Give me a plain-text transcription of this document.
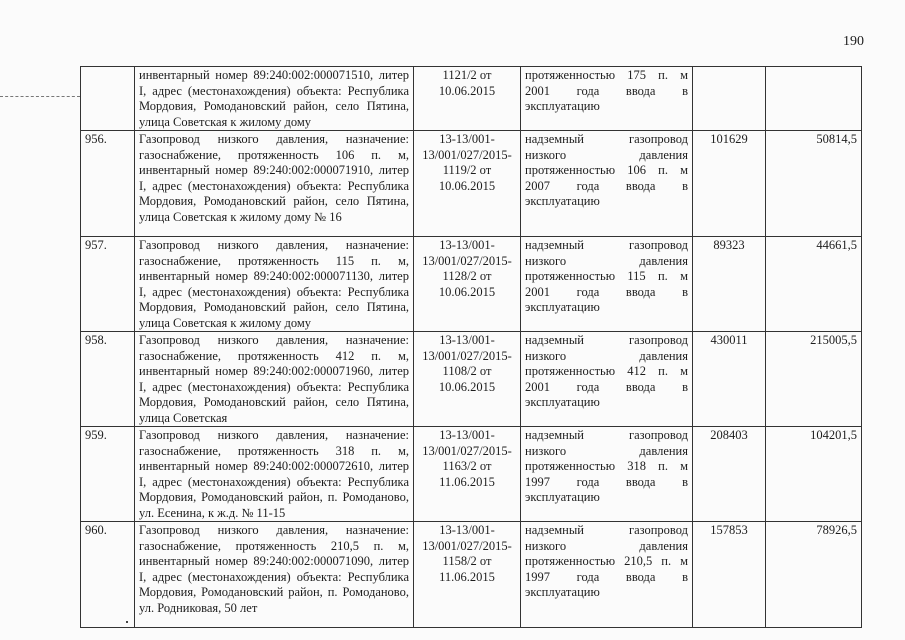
190
	инвентарный номер 89:240:002:000071510, литер I, адрес (местонахождения) объекта: Республика Мордовия, Ромодановский район, село Пятина, улица Советская к жилому дому	1121/2 от 10.06.2015	протяженностью 175 п. м 2001 года ввода в эксплуатацию		
956.	Газопровод низкого давления, назначение: газоснабжение, протяженность 106 п. м, инвентарный номер 89:240:002:000071910, литер I, адрес (местонахождения) объекта: Республика Мордовия, Ромодановский район, село Пятина, улица Советская к жилому дому № 16	13-13/001-13/001/027/2015-1119/2 от 10.06.2015	надземный газопровод низкого давления протяженностью 106 п. м 2007 года ввода в эксплуатацию	101629	50814,5
957.	Газопровод низкого давления, назначение: газоснабжение, протяженность 115 п. м, инвентарный номер 89:240:002:000071130, литер I, адрес (местонахождения) объекта: Республика Мордовия, Ромодановский район, село Пятина, улица Советская к жилому дому	13-13/001-13/001/027/2015-1128/2 от 10.06.2015	надземный газопровод низкого давления протяженностью 115 п. м 2001 года ввода в эксплуатацию	89323	44661,5
958.	Газопровод низкого давления, назначение: газоснабжение, протяженность 412 п. м, инвентарный номер 89:240:002:000071960, литер I, адрес (местонахождения) объекта: Республика Мордовия, Ромодановский район, село Пятина, улица Советская	13-13/001-13/001/027/2015-1108/2 от 10.06.2015	надземный газопровод низкого давления протяженностью 412 п. м 2001 года ввода в эксплуатацию	430011	215005,5
959.	Газопровод низкого давления, назначение: газоснабжение, протяженность 318 п. м, инвентарный номер 89:240:002:000072610, литер I, адрес (местонахождения) объекта: Республика Мордовия, Ромодановский район, п. Ромоданово, ул. Есенина, к ж.д. № 11-15	13-13/001-13/001/027/2015-1163/2 от 11.06.2015	надземный газопровод низкого давления протяженностью 318 п. м 1997 года ввода в эксплуатацию	208403	104201,5
960.	Газопровод низкого давления, назначение: газоснабжение, протяженность 210,5 п. м, инвентарный номер 89:240:002:000071090, литер I, адрес (местонахождения) объекта: Республика Мордовия, Ромодановский район, п. Ромоданово, ул. Родниковая, 50 лет	13-13/001-13/001/027/2015-1158/2 от 11.06.2015	надземный газопровод низкого давления протяженностью 210,5 п. м 1997 года ввода в эксплуатацию	157853	78926,5
